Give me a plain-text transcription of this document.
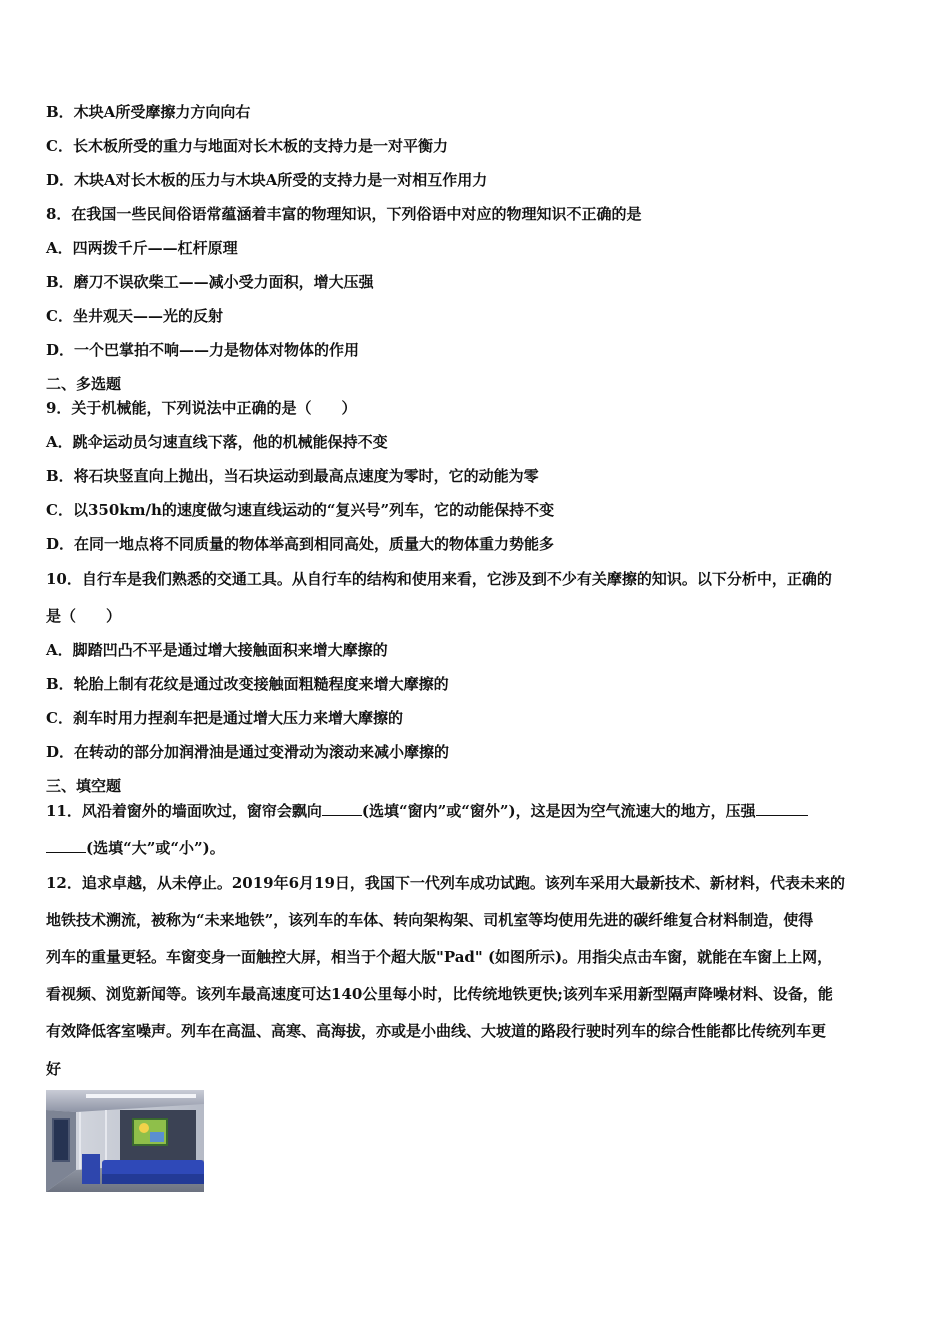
B．木块A所受摩擦力方向向右
C．长木板所受的重力与地面对长木板的支持力是一对平衡力
D．木块A对长木板的压力与木块A所受的支持力是一对相互作用力
8．在我国一些民间俗语常蕴涵着丰富的物理知识，下列俗语中对应的物理知识不正确的是
A．四两拨千斤——杠杆原理
B．磨刀不误砍柴工——减小受力面积，增大压强
C．坐井观天——光的反射
D．一个巴掌拍不响——力是物体对物体的作用
二、多选题
9．关于机械能，下列说法中正确的是（　　）
A．跳伞运动员匀速直线下落，他的机械能保持不变
B．将石块竖直向上抛出，当石块运动到最高点速度为零时，它的动能为零
C．以350km/h的速度做匀速直线运动的“复兴号”列车，它的动能保持不变
D．在同一地点将不同质量的物体举高到相同高处，质量大的物体重力势能多
10．自行车是我们熟悉的交通工具。从自行车的结构和使用来看，它涉及到不少有关摩擦的知识。以下分析中，正确的
是（　　）
A．脚踏凹凸不平是通过增大接触面积来增大摩擦的
B．轮胎上制有花纹是通过改变接触面粗糙程度来增大摩擦的
C．刹车时用力捏刹车把是通过增大压力来增大摩擦的
D．在转动的部分加润滑油是通过变滑动为滚动来减小摩擦的
三、填空题
11．风沿着窗外的墙面吹过，窗帘会飘向	(选填“窗内”或“窗外”)，这是因为空气流速大的地方，压强
(选填“大”或“小”)。
12．追求卓越，从未停止。2019年6月19日，我国下一代列车成功试跑。该列车采用大最新技术、新材料，代表未来的
地铁技术溯流，被称为“未来地铁”，该列车的车体、转向架构架、司机室等均使用先进的碳纤维复合材料制造，使得
列车的重量更轻。车窗变身一面触控大屏，相当于个超大版"Pad" (如图所示)。用指尖点击车窗，就能在车窗上上网，
看视频、浏览新闻等。该列车最高速度可达140公里每小时，比传统地铁更快;该列车采用新型隔声降噪材料、设备，能
有效降低客室噪声。列车在高温、高寒、高海拔，亦或是小曲线、大坡道的路段行驶时列车的综合性能都比传统列车更
好
